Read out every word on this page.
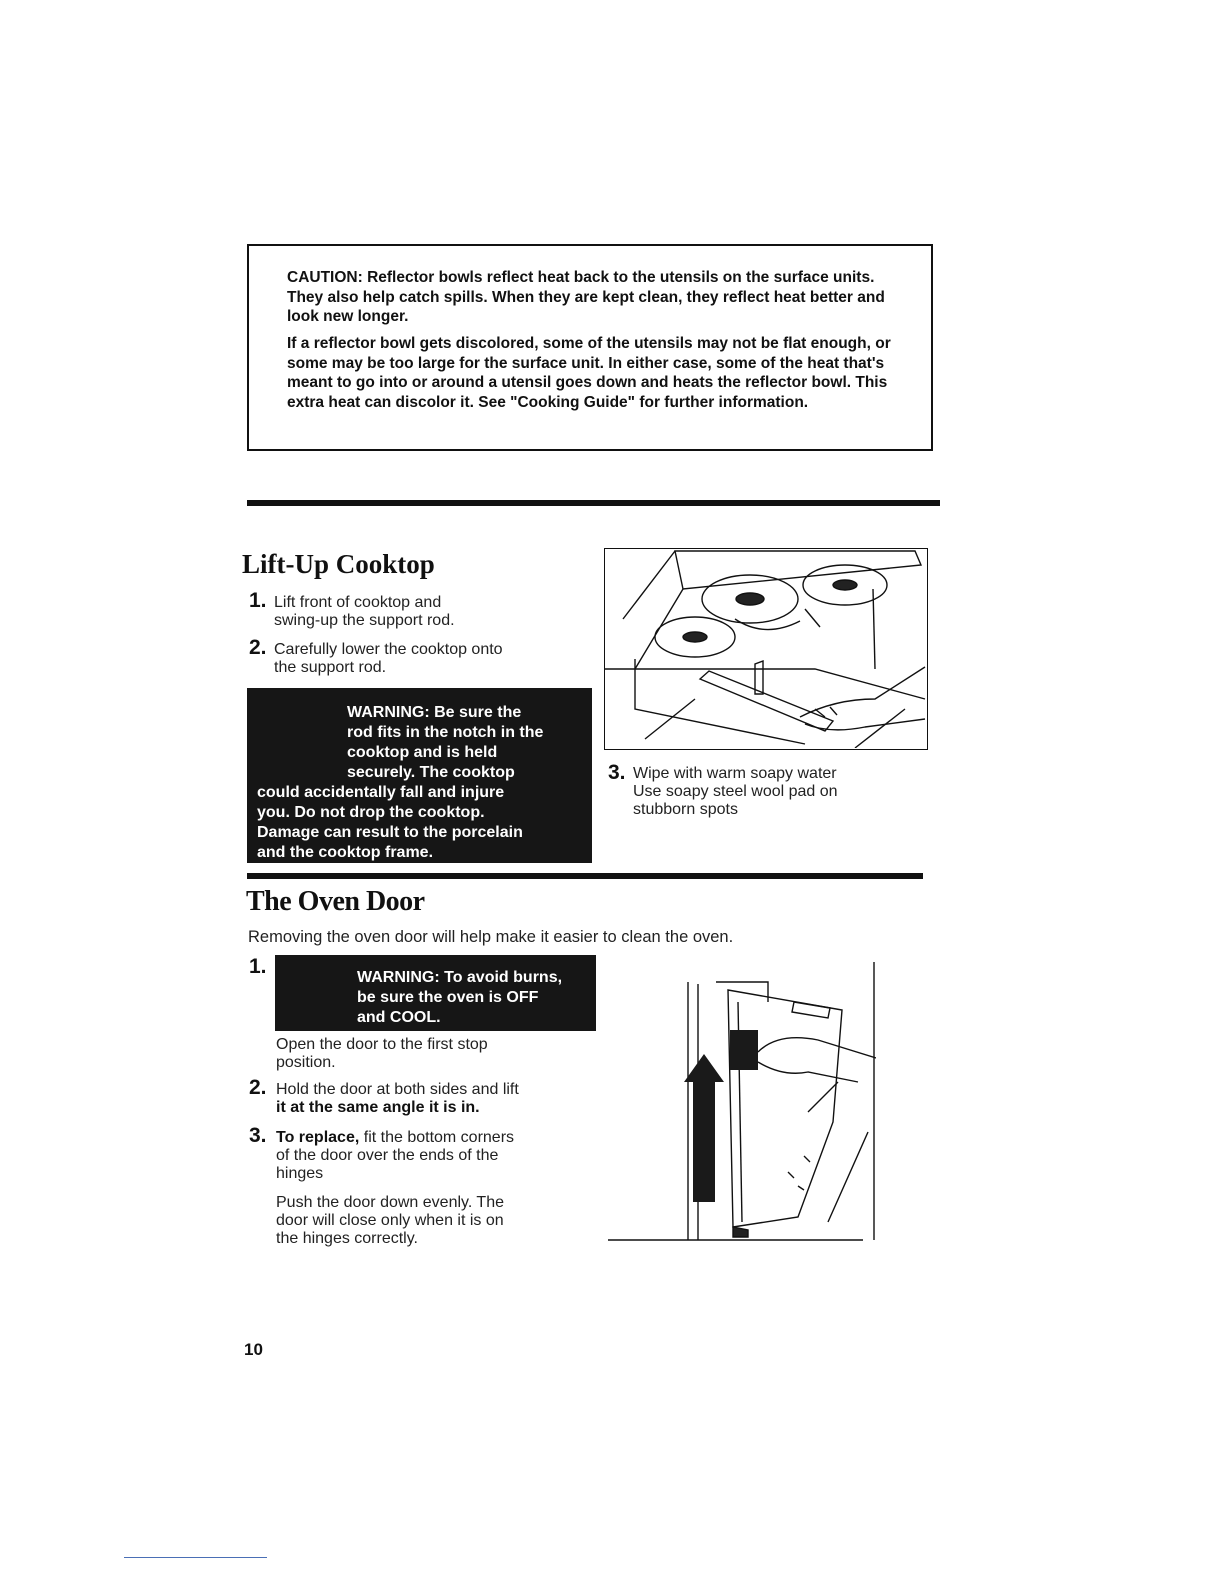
CAUTION: Reflector bowls reflect heat back to the utensils on the surface units. They also help catch spills. When they are kept clean, they reflect heat better and look new longer.

If a reflector bowl gets discolored, some of the utensils may not be flat enough, or some may be too large for the surface unit. In either case, some of the heat that's meant to go into or around a utensil goes down and heats the reflector bowl. This extra heat can discolor it. See "Cooking Guide" for further information.

Lift-Up Cooktop
1. Lift front of cooktop and
swing-up the support rod.
2. Carefully lower the cooktop onto
the support rod.
WARNING: Be sure the
rod fits in the notch in the
cooktop and is held
securely. The cooktop
could accidentally fall and injure
you. Do not drop the cooktop.
Damage can result to the porcelain
and the cooktop frame.
3. Wipe with warm soapy water
Use soapy steel wool pad on
stubborn spots
The Oven Door
Removing the oven door will help make it easier to clean the oven.
1.	WARNING: To avoid burns,
be sure the oven is OFF
and COOL.
Open the door to the first stop
position.
2. Hold the door at both sides and lift
it at the same angle it is in.
3. To replace, fit the bottom corners
of the door over the ends of the
hinges
Push the door down evenly. The
door will close only when it is on
the hinges correctly.
10
